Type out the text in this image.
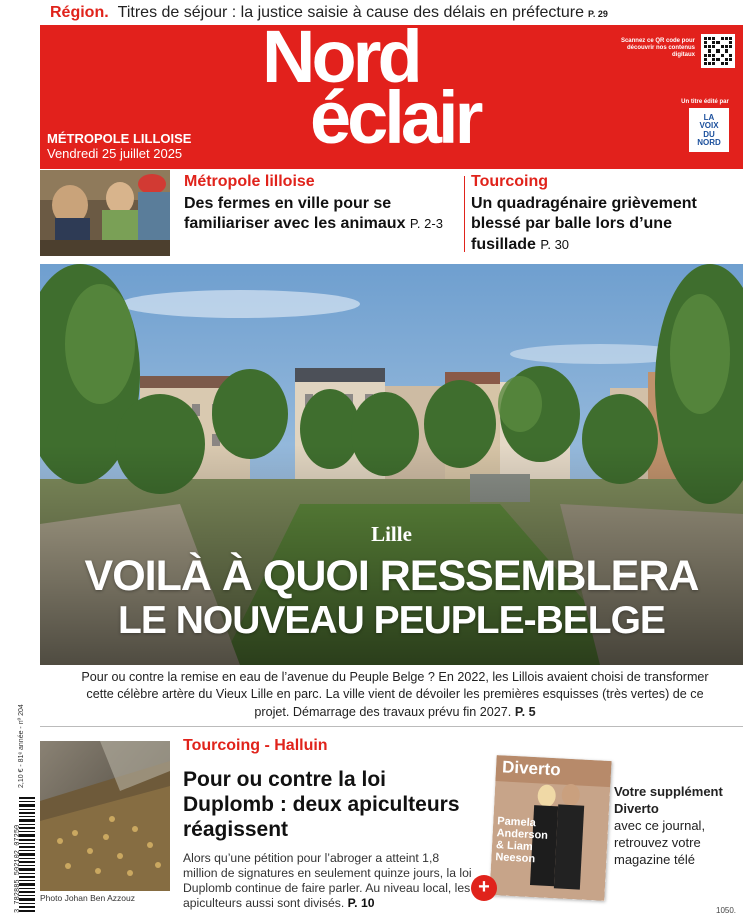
Région. Titres de séjour : la justice saisie à cause des délais en préfecture P. 29
Nord
éclair
MÉTROPOLE LILLOISE
Vendredi 25 juillet 2025
Scannez ce QR code pour découvrir nos contenus digitaux
Un titre édité par
LA
VOIX
DU
NORD
Métropole lilloise
Des fermes en ville pour se familiariser avec les animaux P. 2-3
Tourcoing
Un quadragénaire grièvement blessé par balle lors d’une fusillade P. 30
Lille
VOILÀ À QUOI RESSEMBLERA
LE NOUVEAU PEUPLE-BELGE
Pour ou contre la remise en eau de l’avenue du Peuple Belge ? En 2022, les Lillois avaient choisi de transformer cette célèbre artère du Vieux Lille en parc. La ville vient de dévoiler les premières esquisses (très vertes) de ce projet. Démarrage des travaux prévu fin 2027. P. 5
2,10 € - 81ᵉ année - nº 204
3 782885 502102 07250 Photo Johan Ben Azzouz
Tourcoing - Halluin
Pour ou contre la loi Duplomb : deux apiculteurs réagissent
Alors qu’une pétition pour l’abroger a atteint 1,8 million de signatures en seulement quinze jours, la loi Duplomb continue de faire parler. Au niveau local, les apiculteurs aussi sont divisés. P. 10
Diverto
Pamela Anderson & Liam Neeson
+
Votre supplément Diverto
avec ce journal, retrouvez votre magazine télé
1050.
